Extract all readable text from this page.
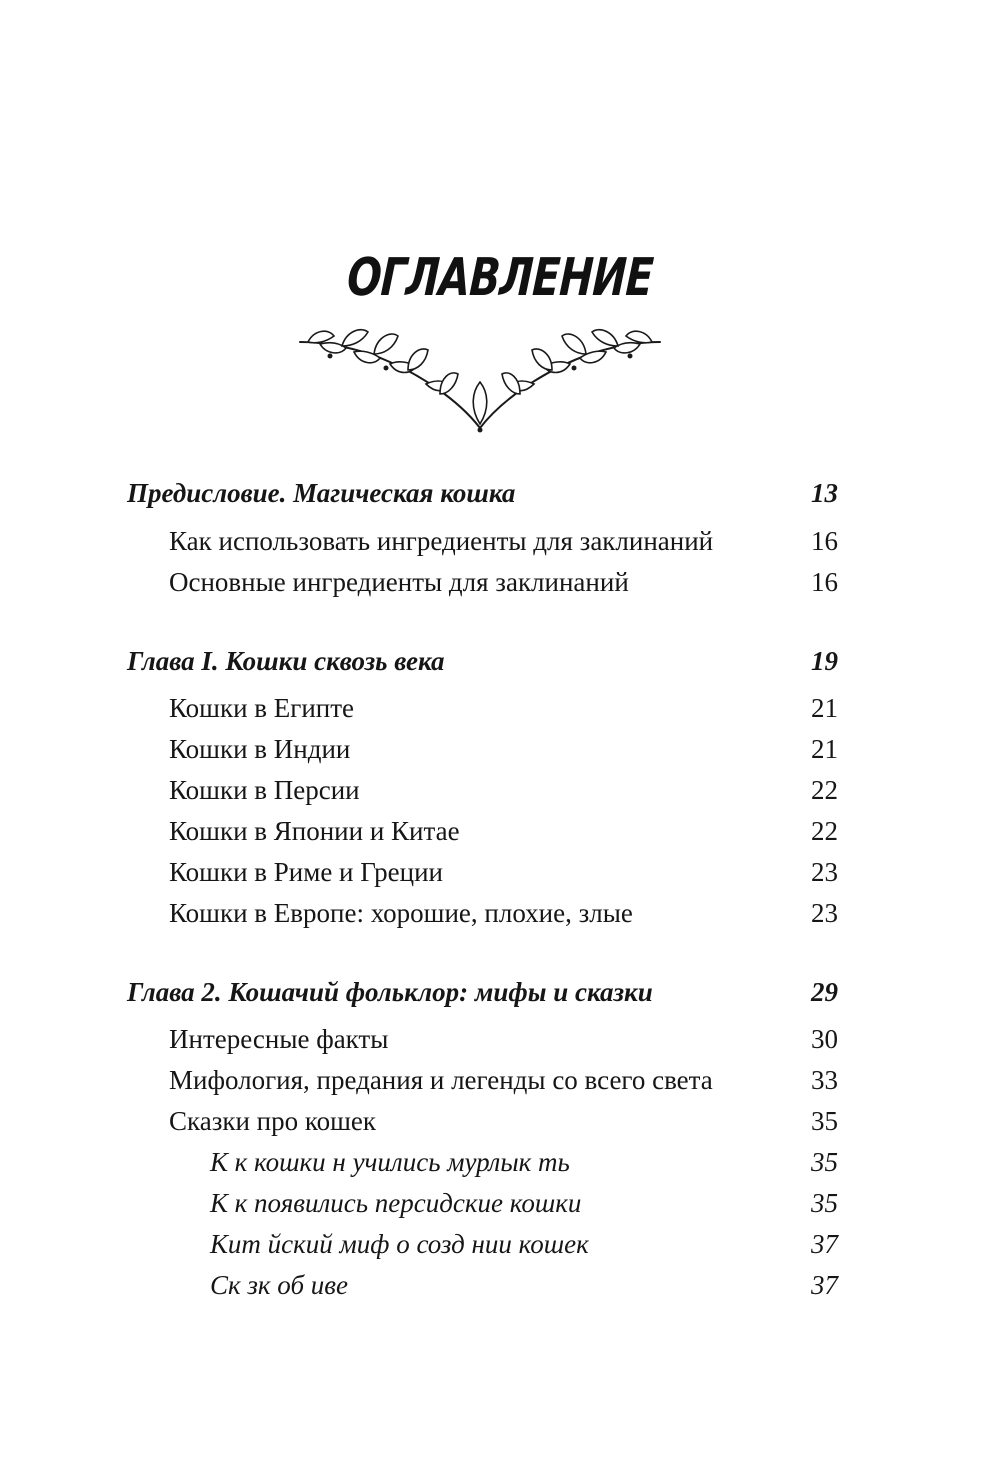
ОГЛАВЛЕНИЕ
Предисловие. Магическая кошка	13
Как использовать ингредиенты для заклинаний	16
Основные ингредиенты для заклинаний	16
Глава I. Кошки сквозь века	19
Кошки в Египте	21
Кошки в Индии	21
Кошки в Персии	22
Кошки в Японии и Китае	22
Кошки в Риме и Греции	23
Кошки в Европе: хорошие, плохие, злые	23
Глава 2. Кошачий фольклор: мифы и сказки	29
Интересные факты	30
Мифология, предания и легенды со всего света	33
Сказки про кошек	35
К к кошки н учились мурлык ть	35
К к появились персидские кошки	35
Кит йский миф о созд нии кошек	37
Ск зк об иве	37
